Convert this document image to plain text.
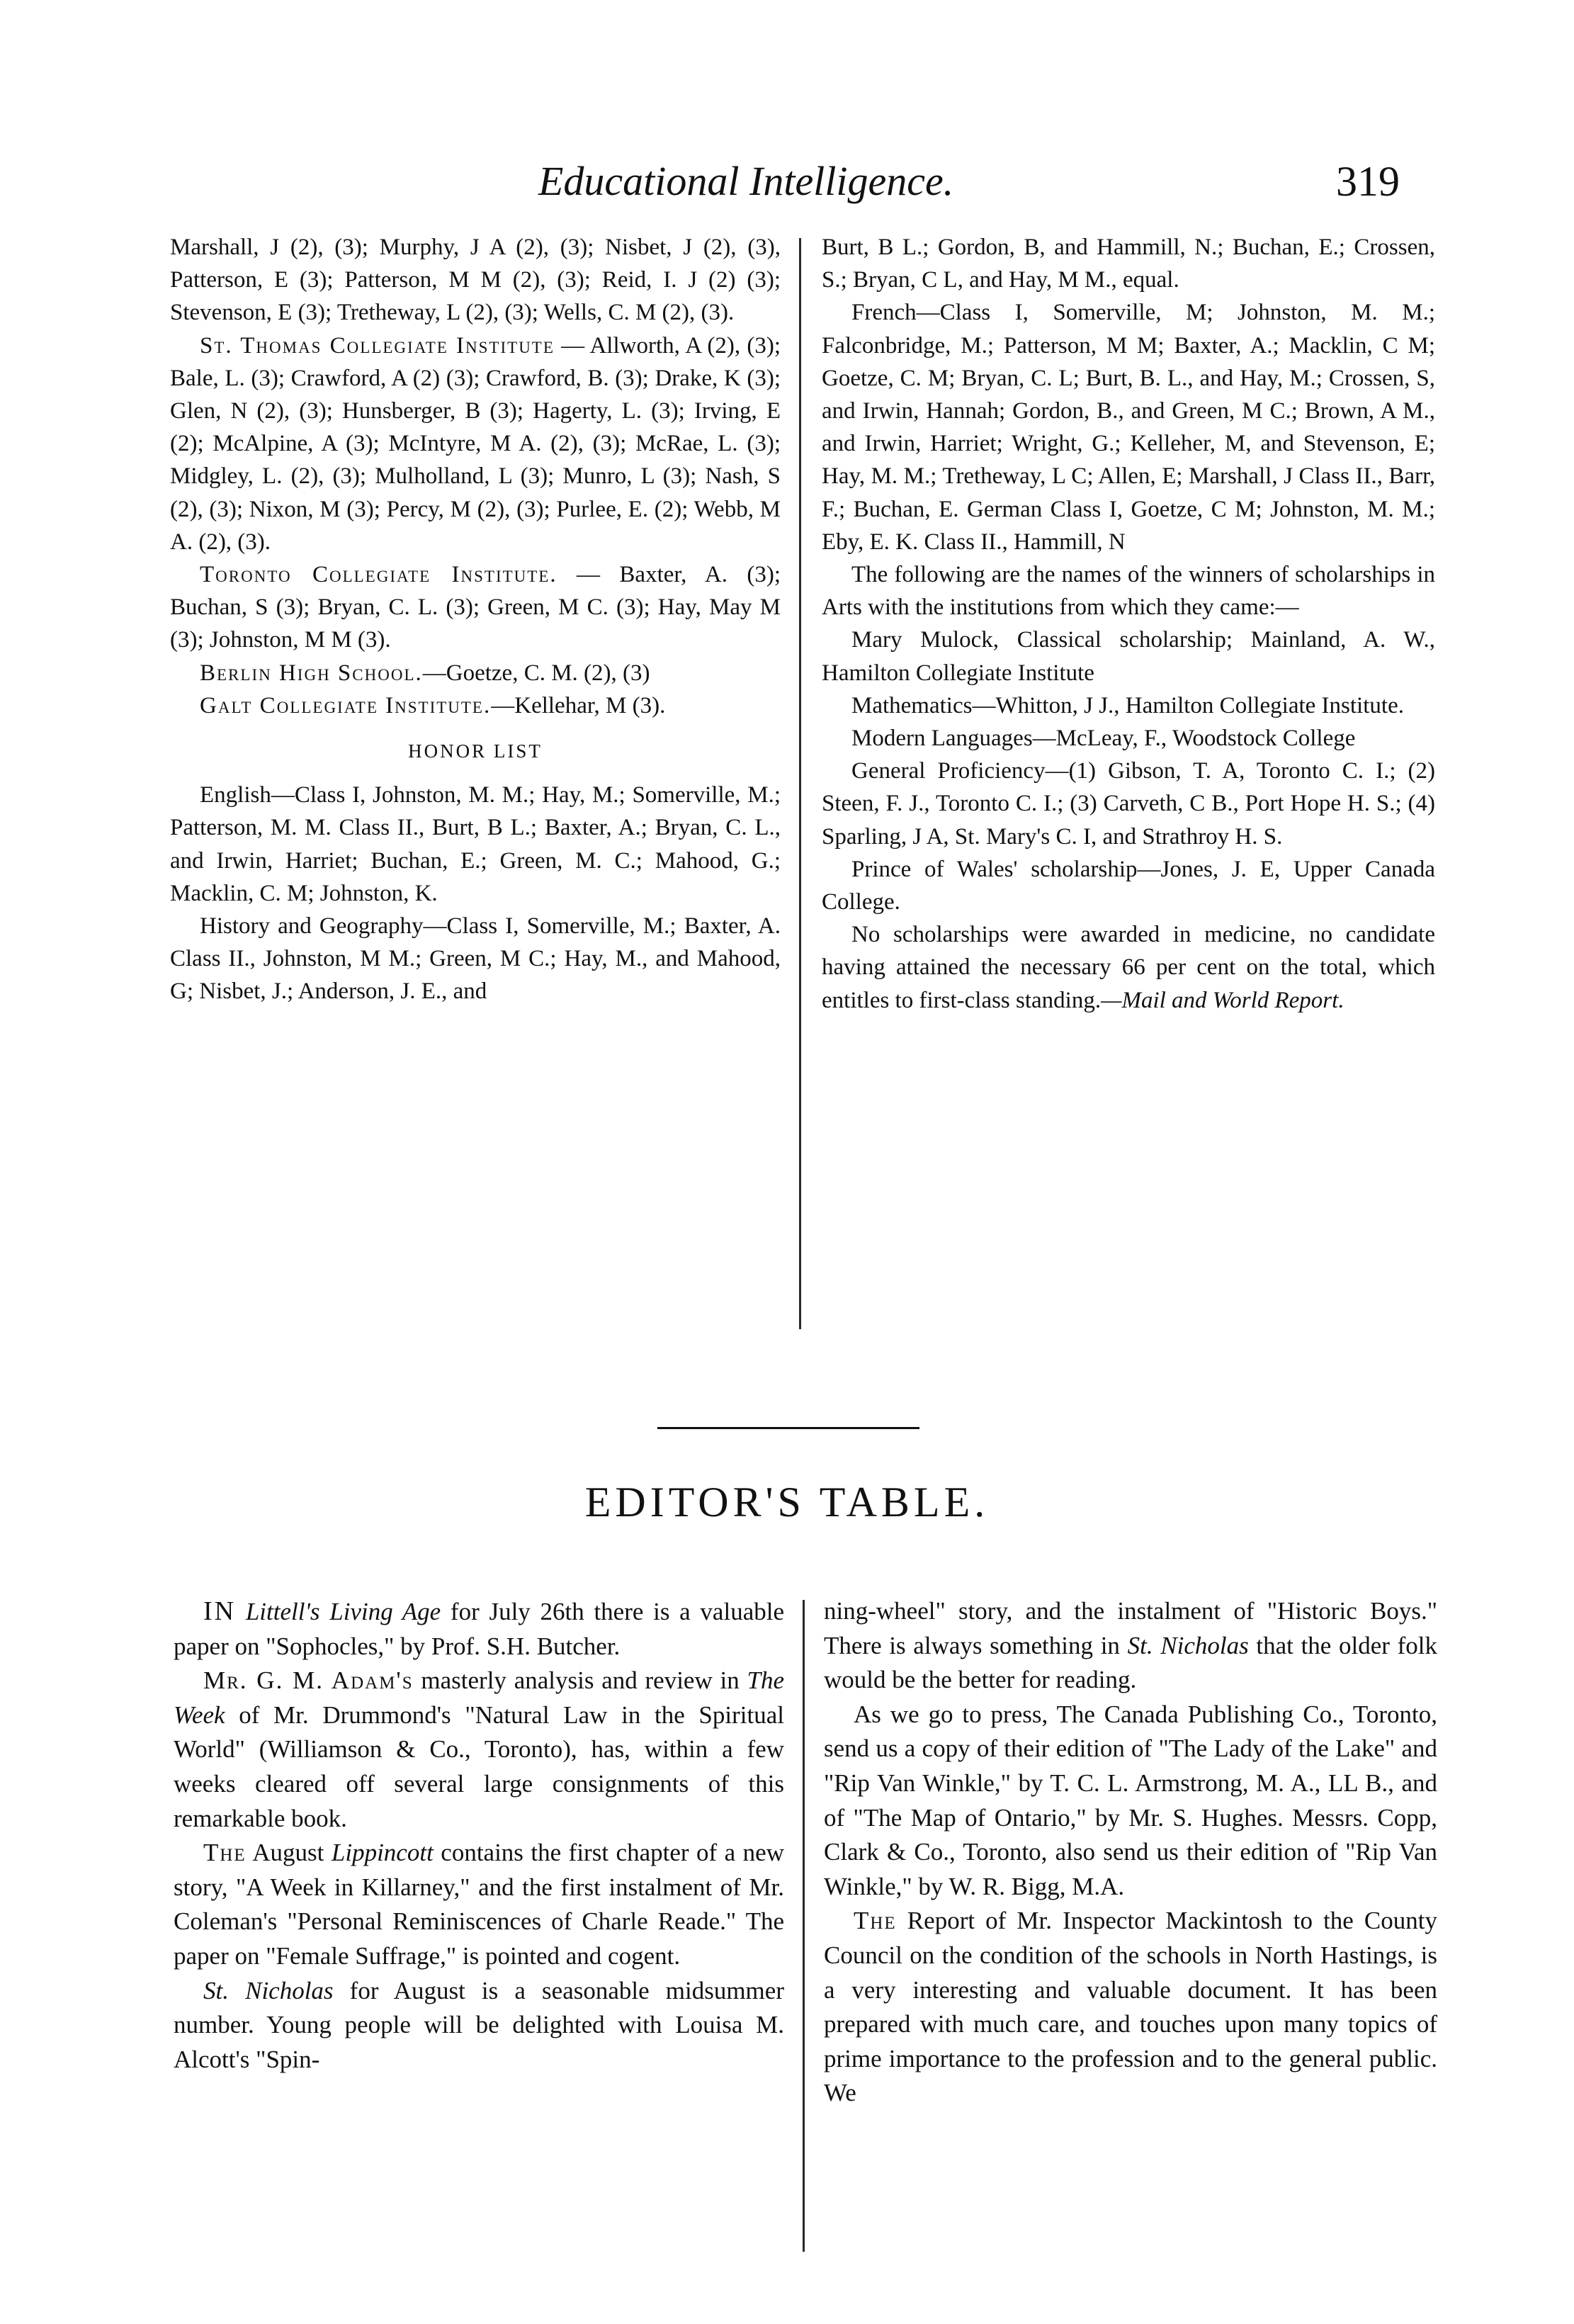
Educational Intelligence.	319

Marshall, J (2), (3); Murphy, J A (2), (3); Nisbet, J (2), (3), Patterson, E (3); Patterson, M M (2), (3); Reid, I. J (2) (3); Stevenson, E (3); Tretheway, L (2), (3); Wells, C. M (2), (3).

St. Thomas Collegiate Institute — Allworth, A (2), (3); Bale, L. (3); Crawford, A (2) (3); Crawford, B. (3); Drake, K (3); Glen, N (2), (3); Hunsberger, B (3); Hagerty, L. (3); Irving, E (2); McAlpine, A (3); McIntyre, M A. (2), (3); McRae, L. (3); Midgley, L. (2), (3); Mulholland, L (3); Munro, L (3); Nash, S (2), (3); Nixon, M (3); Percy, M (2), (3); Purlee, E. (2); Webb, M A. (2), (3).

Toronto Collegiate Institute. — Baxter, A. (3); Buchan, S (3); Bryan, C. L. (3); Green, M C. (3); Hay, May M (3); Johnston, M M (3).

Berlin High School.—Goetze, C. M. (2), (3)

Galt Collegiate Institute.—Kellehar, M (3).

HONOR LIST

English—Class I, Johnston, M. M.; Hay, M.; Somerville, M.; Patterson, M. M. Class II., Burt, B L.; Baxter, A.; Bryan, C. L., and Irwin, Harriet; Buchan, E.; Green, M. C.; Mahood, G.; Macklin, C. M; Johnston, K.

History and Geography—Class I, Somerville, M.; Baxter, A. Class II., Johnston, M M.; Green, M C.; Hay, M., and Mahood, G; Nisbet, J.; Anderson, J. E., and

Burt, B L.; Gordon, B, and Hammill, N.; Buchan, E.; Crossen, S.; Bryan, C L, and Hay, M M., equal.

French—Class I, Somerville, M; Johnston, M. M.; Falconbridge, M.; Patterson, M M; Baxter, A.; Macklin, C M; Goetze, C. M; Bryan, C. L; Burt, B. L., and Hay, M.; Crossen, S, and Irwin, Hannah; Gordon, B., and Green, M C.; Brown, A M., and Irwin, Harriet; Wright, G.; Kelleher, M, and Stevenson, E; Hay, M. M.; Tretheway, L C; Allen, E; Marshall, J Class II., Barr, F.; Buchan, E. German Class I, Goetze, C M; Johnston, M. M.; Eby, E. K. Class II., Hammill, N

The following are the names of the winners of scholarships in Arts with the institutions from which they came:—

Mary Mulock, Classical scholarship; Mainland, A. W., Hamilton Collegiate Institute

Mathematics—Whitton, J J., Hamilton Collegiate Institute.

Modern Languages—McLeay, F., Woodstock College

General Proficiency—(1) Gibson, T. A, Toronto C. I.; (2) Steen, F. J., Toronto C. I.; (3) Carveth, C B., Port Hope H. S.; (4) Sparling, J A, St. Mary's C. I, and Strathroy H. S.

Prince of Wales' scholarship—Jones, J. E, Upper Canada College.

No scholarships were awarded in medicine, no candidate having attained the necessary 66 per cent on the total, which entitles to first-class standing.—Mail and World Report.

EDITOR'S TABLE.

IN Littell's Living Age for July 26th there is a valuable paper on "Sophocles," by Prof. S.H. Butcher.

Mr. G. M. Adam's masterly analysis and review in The Week of Mr. Drummond's "Natural Law in the Spiritual World" (Williamson & Co., Toronto), has, within a few weeks cleared off several large consignments of this remarkable book.

The August Lippincott contains the first chapter of a new story, "A Week in Killarney," and the first instalment of Mr. Coleman's "Personal Reminiscences of Charle Reade." The paper on "Female Suffrage," is pointed and cogent.

St. Nicholas for August is a seasonable midsummer number. Young people will be delighted with Louisa M. Alcott's "Spin-

ning-wheel" story, and the instalment of "Historic Boys." There is always something in St. Nicholas that the older folk would be the better for reading.

As we go to press, The Canada Publishing Co., Toronto, send us a copy of their edition of "The Lady of the Lake" and "Rip Van Winkle," by T. C. L. Armstrong, M. A., LL B., and of "The Map of Ontario," by Mr. S. Hughes. Messrs. Copp, Clark & Co., Toronto, also send us their edition of "Rip Van Winkle," by W. R. Bigg, M.A.

The Report of Mr. Inspector Mackintosh to the County Council on the condition of the schools in North Hastings, is a very interesting and valuable document. It has been prepared with much care, and touches upon many topics of prime importance to the profession and to the general public. We
